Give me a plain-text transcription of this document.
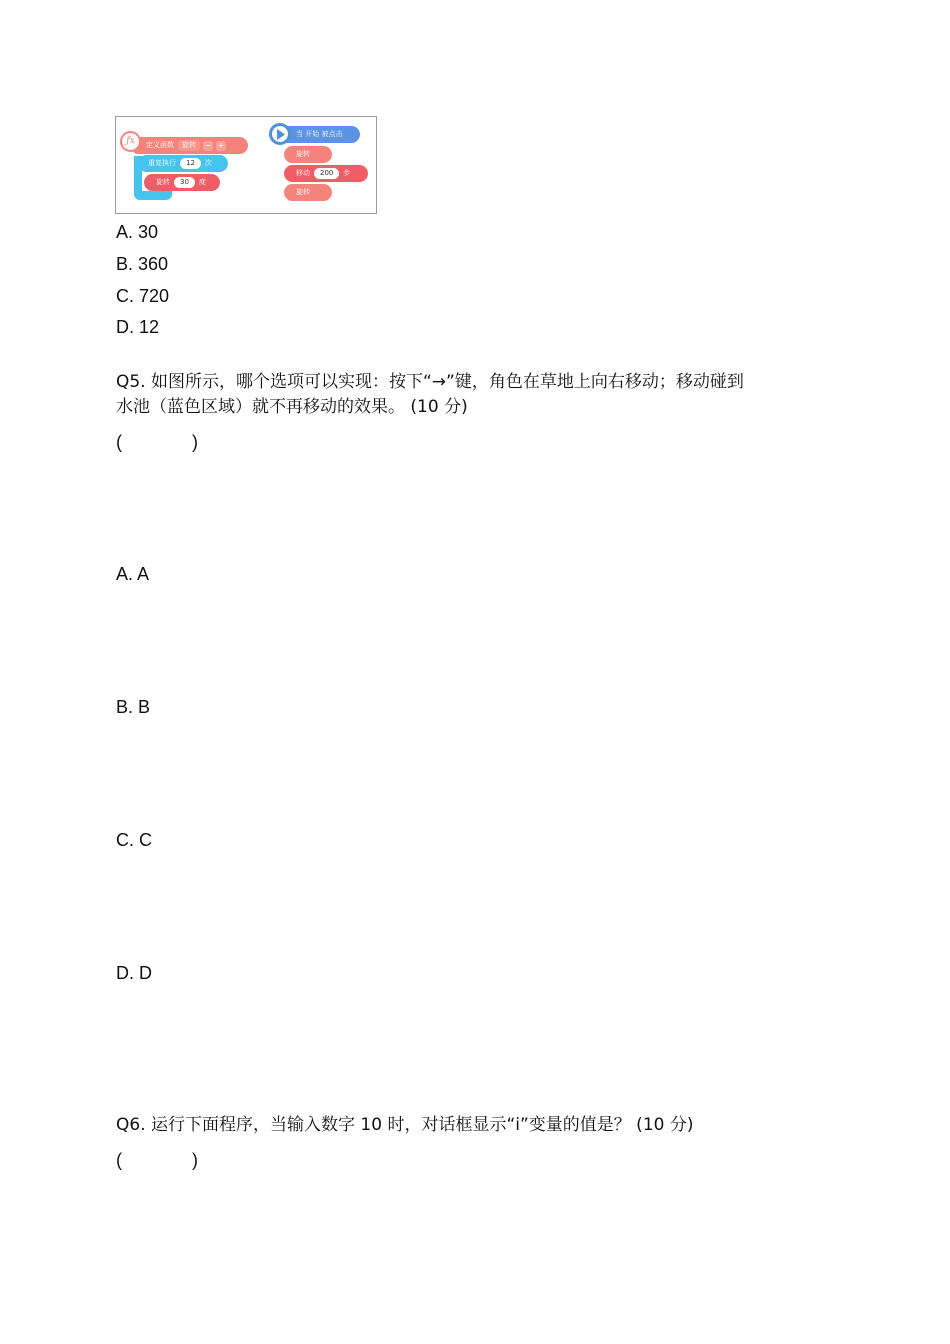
定义函数 旋转 − +
ƒx
重复执行 12 次
旋转 30 度
当 开始 被点击
旋转
移动 200 步
旋转
A. 30
B. 360
C. 720
D. 12
Q5. 如图所示，哪个选项可以实现：按下“→”键，角色在草地上向右移动；移动碰到
水池（蓝色区域）就不再移动的效果。 (10 分)
(              )
A. A
B. B
C. C
D. D
Q6. 运行下面程序，当输入数字 10 时，对话框显示“i”变量的值是？ (10 分)
(              )
